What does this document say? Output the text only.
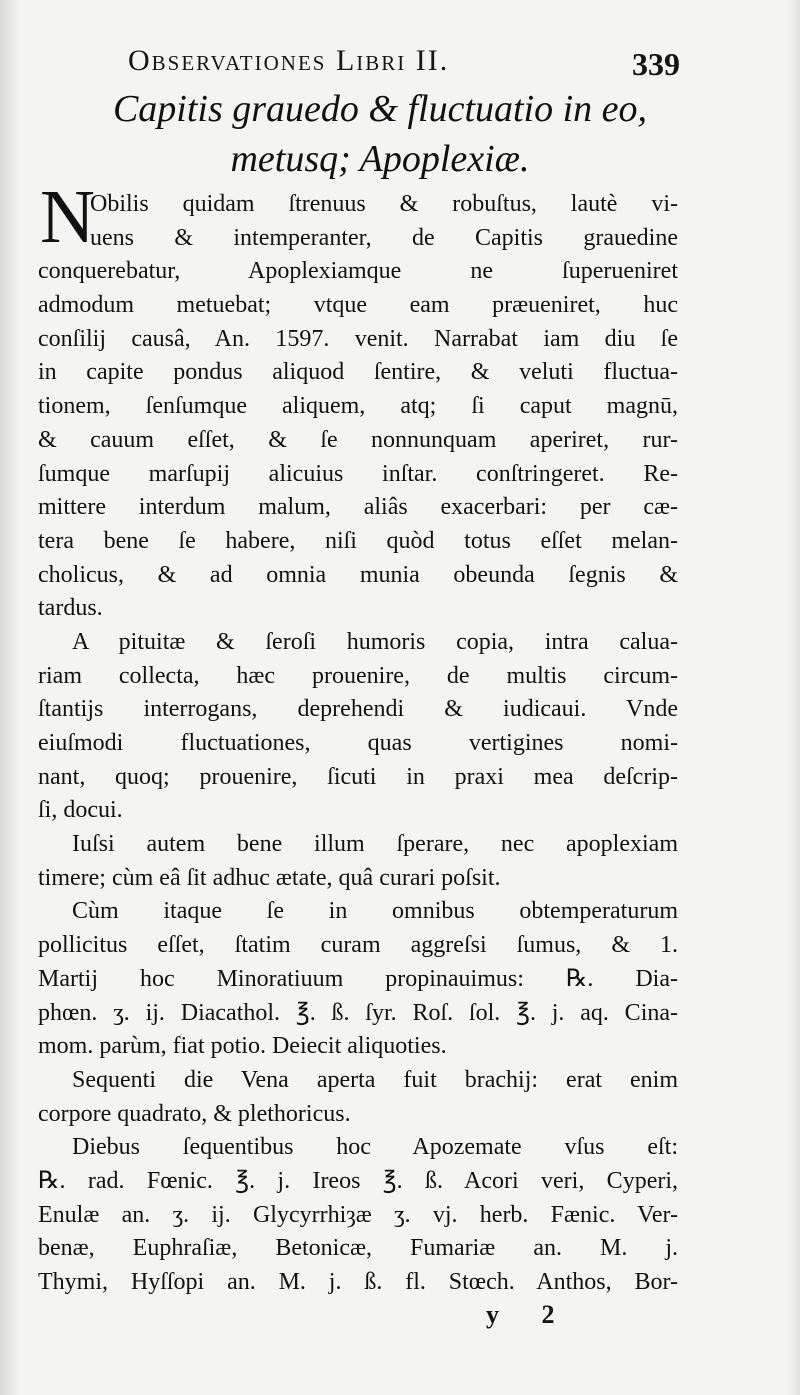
Observationes Libri II.	339
Capitis grauedo & fluctuatio in eo,
metusq; Apoplexiæ.
N
Obilis quidam ſtrenuus & robuſtus, lautè vi-
uens & intemperanter, de Capitis grauedine
conquerebatur, Apoplexiamque ne ſuperueniret
admodum metuebat; vtque eam præueniret, huc
conſilij causâ, An. 1597. venit. Narrabat iam diu ſe
in capite pondus aliquod ſentire, & veluti fluctua-
tionem, ſenſumque aliquem, atq; ſi caput magnū,
& cauum eſſet, & ſe nonnunquam aperiret, rur-
ſumque marſupij alicuius inſtar. conſtringeret. Re-
mittere interdum malum, aliâs exacerbari: per cæ-
tera bene ſe habere, niſi quòd totus eſſet melan-
cholicus, & ad omnia munia obeunda ſegnis &
tardus.
A pituitæ & ſeroſi humoris copia, intra calua-
riam collecta, hæc prouenire, de multis circum-
ſtantijs interrogans, deprehendi & iudicaui. Vnde
eiuſmodi fluctuationes, quas vertigines nomi-
nant, quoq; prouenire, ſicuti in praxi mea deſcrip-
ſi, docui.
Iuſsi autem bene illum ſperare, nec apoplexiam
timere; cùm eâ ſit adhuc ætate, quâ curari poſsit.
Cùm itaque ſe in omnibus obtemperaturum
pollicitus eſſet, ſtatim curam aggreſsi ſumus, & 1.
Martij hoc Minoratiuum propinauimus: ℞. Dia-
phœn. ʒ. ij. Diacathol. ℥. ß. ſyr. Roſ. ſol. ℥. j. aq. Cina-
mom. parùm, fiat potio. Deiecit aliquoties.
Sequenti die Vena aperta fuit brachij: erat enim
corpore quadrato, & plethoricus.
Diebus ſequentibus hoc Apozemate vſus eſt:
℞. rad. Fœnic. ℥. j. Ireos ℥. ß. Acori veri, Cyperi,
Enulæ an. ʒ. ij. Glycyrrhiȝæ ʒ. vj. herb. Fænic. Ver-
benæ, Euphraſiæ, Betonicæ, Fumariæ an. M. j.
Thymi, Hyſſopi an. M. j. ß. fl. Stœch. Anthos, Bor-
y 2
